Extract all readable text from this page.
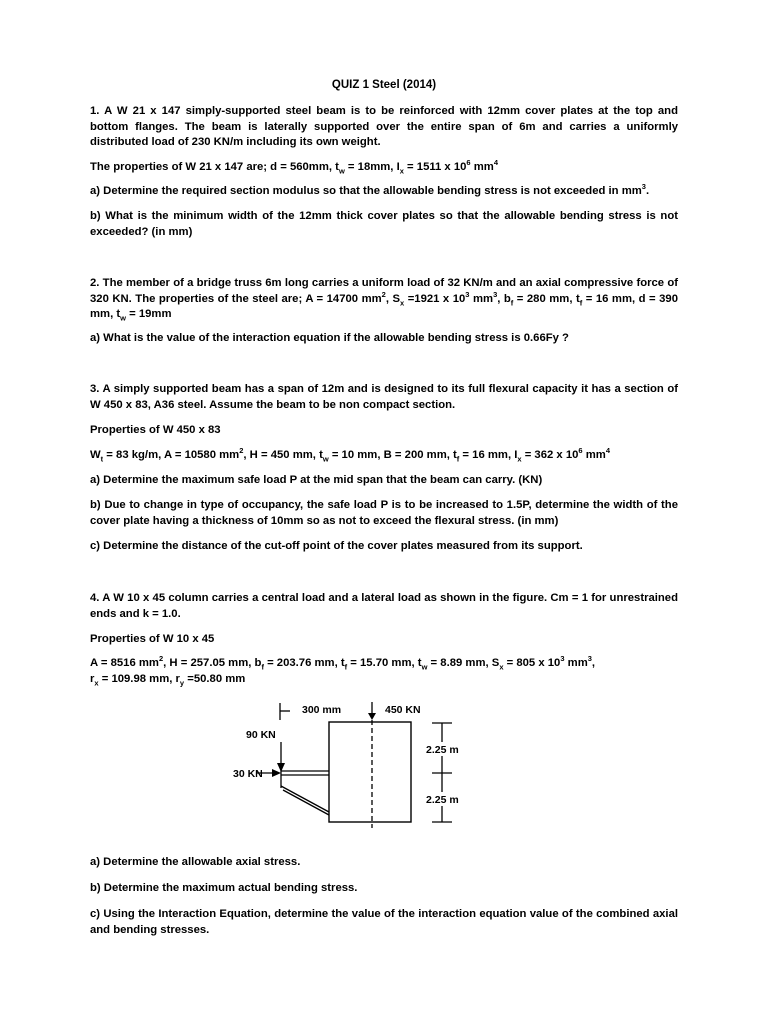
QUIZ 1 Steel (2014)
1. A W 21 x 147 simply-supported steel beam is to be reinforced with 12mm cover plates at the top and bottom flanges. The beam is laterally supported over the entire span of 6m and carries a uniformly distributed load of 230 KN/m including its own weight.
The properties of W 21 x 147 are; d = 560mm, $t_w = 18mm$, $I_x = 1511$ x $10^6$ $mm^4$
a) Determine the required section modulus so that the allowable bending stress is not exceeded in $mm^3$.
b) What is the minimum width of the 12mm thick cover plates so that the allowable bending stress is not exceeded? (in mm)
2. The member of a bridge truss 6m long carries a uniform load of 32 KN/m and an axial compressive force of 320 KN. The properties of the steel are; A = 14700 $mm^2$, $S_x =1921$ x $10^3$ $mm^3$, $b_f = 280$ mm, $t_f = 16$ mm, d = 390 mm, $t_w = 19mm$
a) What is the value of the interaction equation if the allowable bending stress is 0.66Fy ?
3. A simply supported beam has a span of 12m and is designed to its full flexural capacity it has a section of W 450 x 83, A36 steel. Assume the beam to be non compact section.
Properties of W 450 x 83
$W_t = 83$ kg/m, A = 10580 $mm^2$, H = 450 mm, $t_w = 10$ mm, B = 200 mm, $t_f = 16$ mm, $I_x = 362$ x $10^6$ $mm^4$
a) Determine the maximum safe load P at the mid span that the beam can carry. (KN)
b) Due to change in type of occupancy, the safe load P is to be increased to 1.5P, determine the width of the cover plate having a thickness of 10mm so as not to exceed the flexural stress. (in mm)
c) Determine the distance of the cut-off point of the cover plates measured from its support.
4. A W 10 x 45 column carries a central load and a lateral load as shown in the figure. Cm = 1 for unrestrained ends and k = 1.0.
Properties of W 10 x 45
A = 8516 $mm^2$, H = 257.05 mm, $b_f = 203.76$ mm, $t_f = 15.70$ mm, $t_w = 8.89$ mm, $S_x = 805$ x $10^3$ $mm^3$,
$r_x = 109.98$ mm, $r_y =50.80$ mm
300 mm	450 KN
90 KN
30 KN
2.25 m
2.25 m
a) Determine the allowable axial stress.
b) Determine the maximum actual bending stress.
c) Using the Interaction Equation, determine the value of the interaction equation value of the combined axial and bending stresses.
